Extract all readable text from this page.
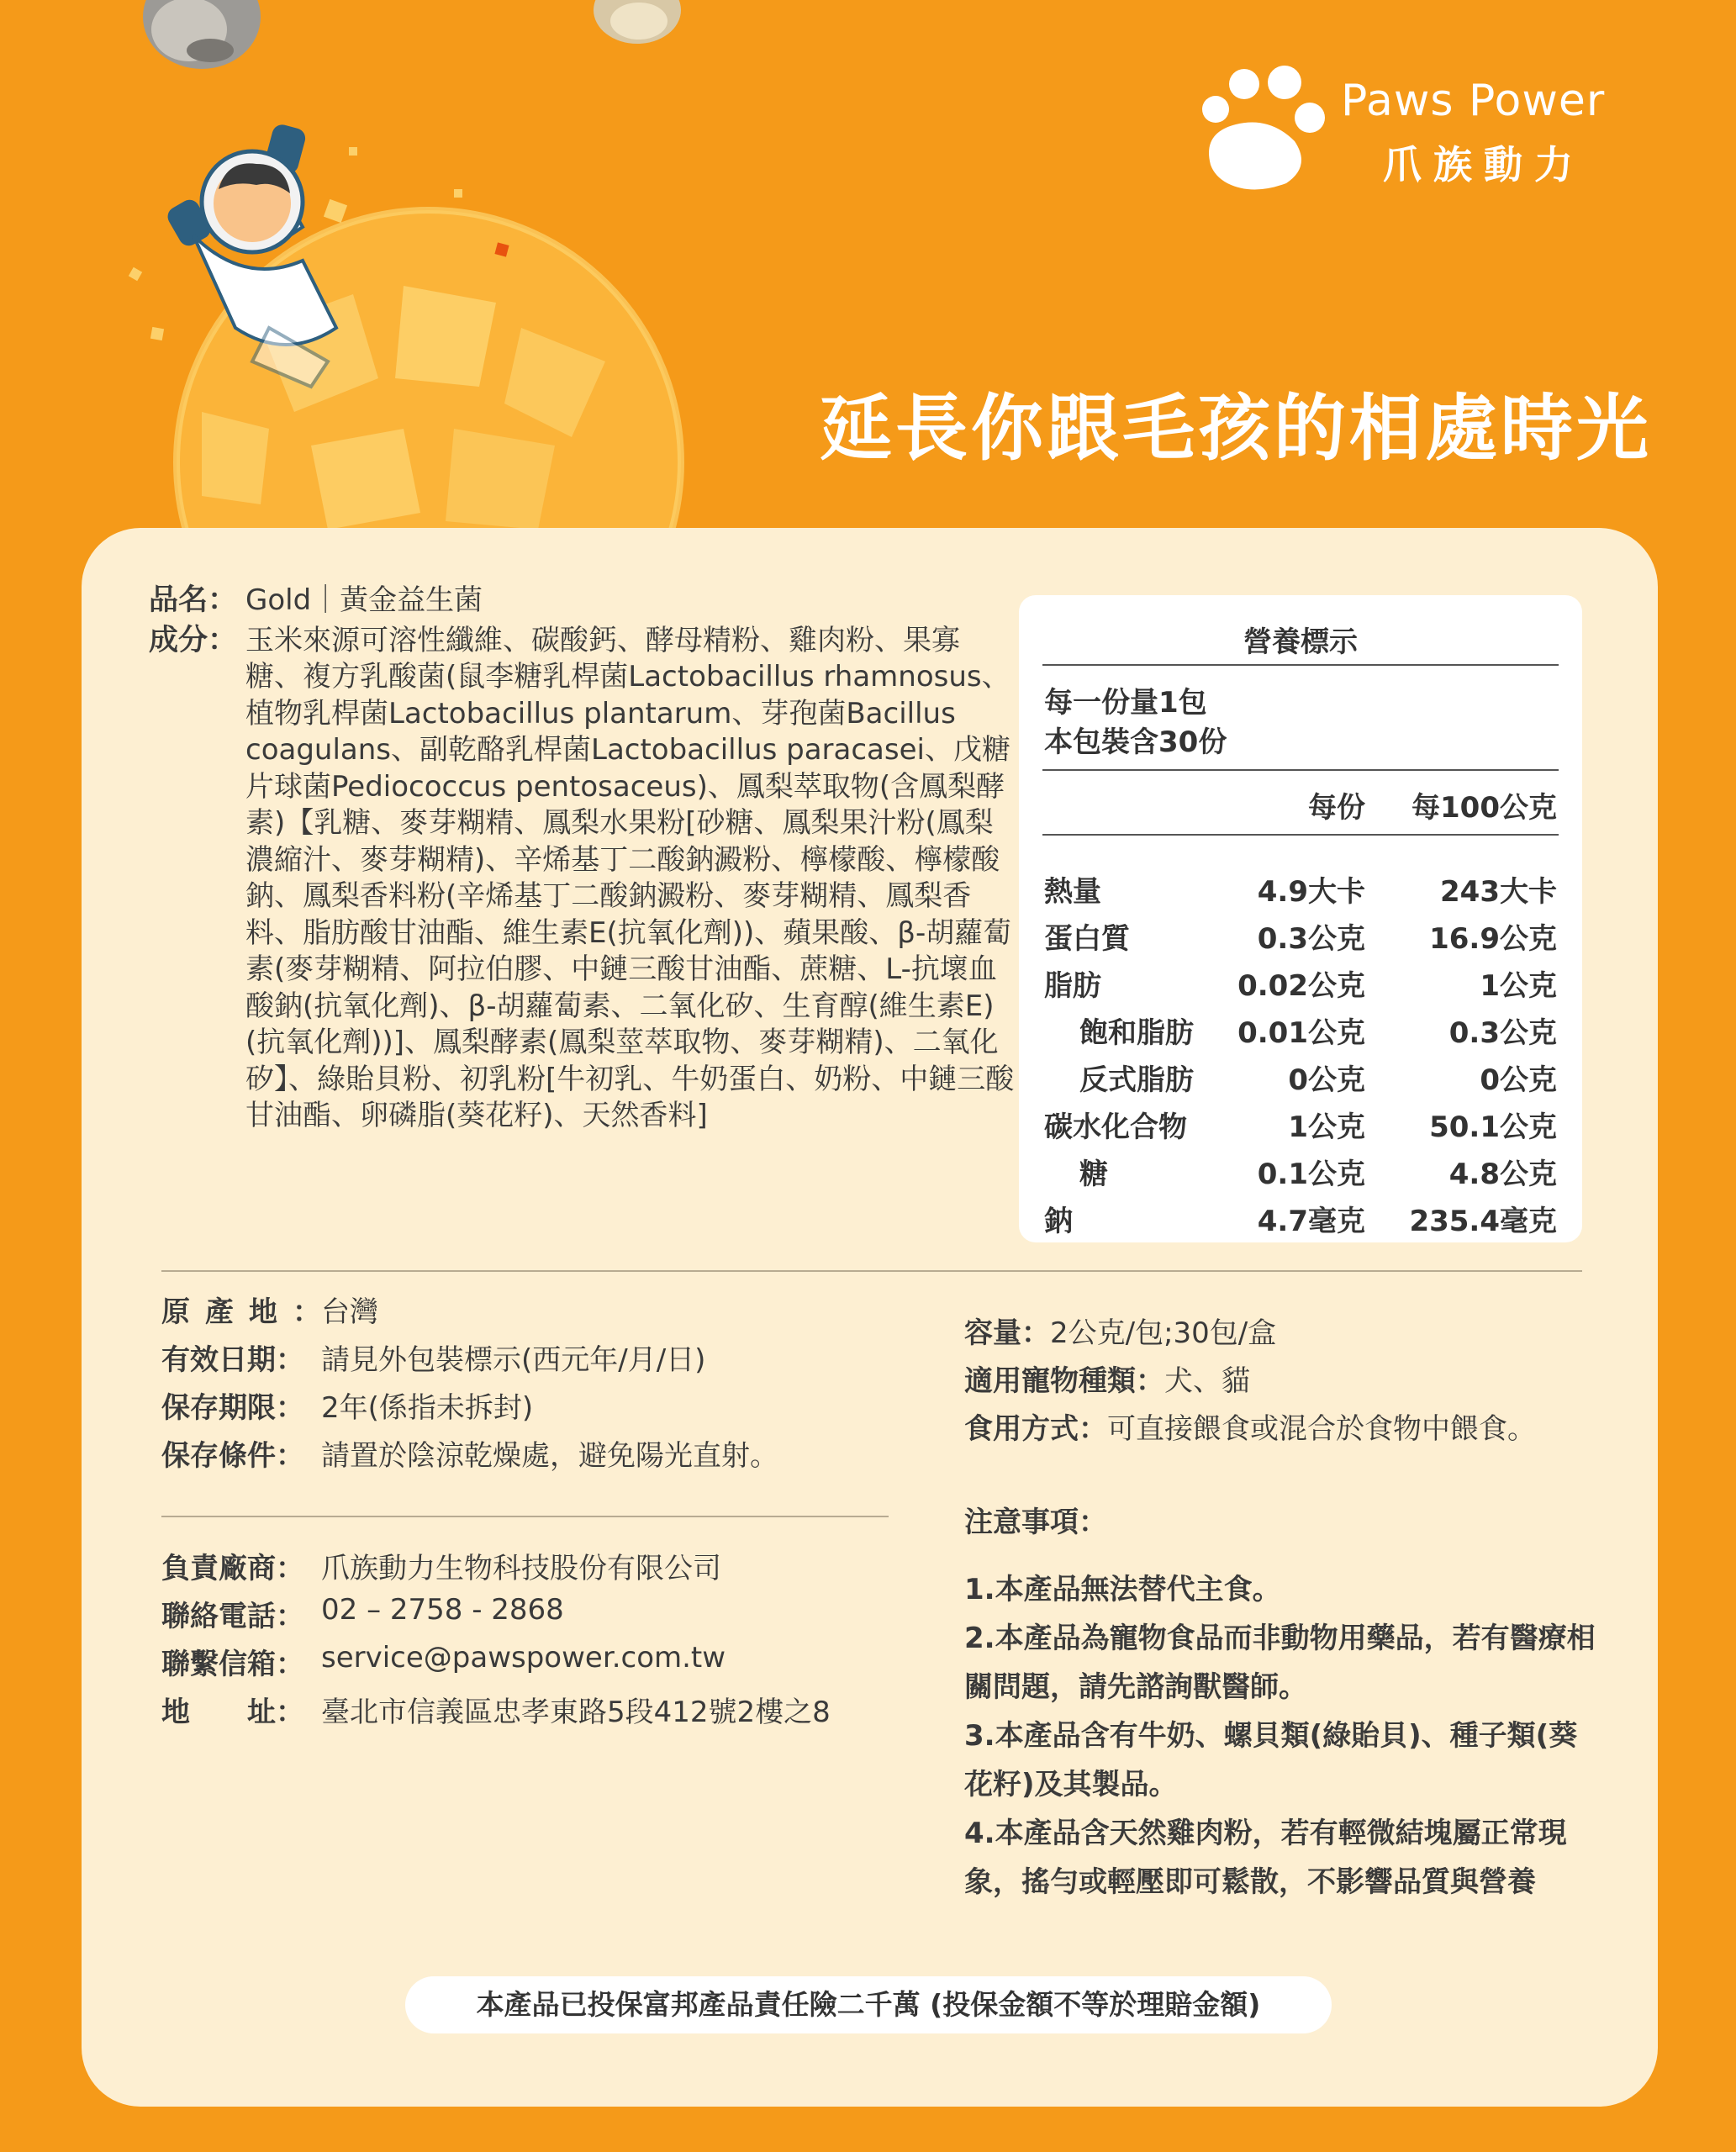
Paws Power
爪族動力
延長你跟毛孩的相處時光
品名： Gold｜黃金益生菌
成分： 玉米來源可溶性纖維、碳酸鈣、酵母精粉、雞肉粉、果寡糖、複方乳酸菌(鼠李糖乳桿菌Lactobacillus rhamnosus、植物乳桿菌Lactobacillus plantarum、芽孢菌Bacillus coagulans、副乾酪乳桿菌Lactobacillus paracasei、戊糖片球菌Pediococcus pentosaceus)、鳳梨萃取物(含鳳梨酵素)【乳糖、麥芽糊精、鳳梨水果粉[砂糖、鳳梨果汁粉(鳳梨濃縮汁、麥芽糊精)、辛烯基丁二酸鈉澱粉、檸檬酸、檸檬酸鈉、鳳梨香料粉(辛烯基丁二酸鈉澱粉、麥芽糊精、鳳梨香料、脂肪酸甘油酯、維生素E(抗氧化劑))、蘋果酸、β-胡蘿蔔素(麥芽糊精、阿拉伯膠、中鏈三酸甘油酯、蔗糖、L-抗壞血酸鈉(抗氧化劑)、β-胡蘿蔔素、二氧化矽、生育醇(維生素E)(抗氧化劑))]、鳳梨酵素(鳳梨莖萃取物、麥芽糊精)、二氧化矽】、綠貽貝粉、初乳粉[牛初乳、牛奶蛋白、奶粉、中鏈三酸甘油酯、卵磷脂(葵花籽)、天然香料]
營養標示
每一份量1包
本包裝含30份
每份 每100公克
熱量	4.9大卡	243大卡
蛋白質	0.3公克 16.9公克
脂肪	0.02公克	1公克
飽和脂肪 0.01公克	0.3公克
反式脂肪	0公克	0公克
碳水化合物	1公克 50.1公克
糖	0.1公克	4.8公克
鈉	4.7毫克 235.4毫克
原產地：
台灣
有效日期： 請見外包裝標示(西元年/月/日)
保存期限： 2年(係指未拆封)
保存條件： 請置於陰涼乾燥處，避免陽光直射。
負責廠商： 爪族動力生物科技股份有限公司
聯絡電話： 02 – 2758 - 2868
聯繫信箱： service@pawspower.com.tw
地　　址： 臺北市信義區忠孝東路5段412號2樓之8
容量： 2公克/包;30包/盒
適用寵物種類： 犬、貓
食用方式： 可直接餵食或混合於食物中餵食。
注意事項：
1.本產品無法替代主食。
2.本產品為寵物食品而非動物用藥品，若有醫療相關問題，請先諮詢獸醫師。
3.本產品含有牛奶、螺貝類(綠貽貝)、種子類(葵花籽)及其製品。
4.本產品含天然雞肉粉，若有輕微結塊屬正常現象，搖勻或輕壓即可鬆散，不影響品質與營養
本產品已投保富邦產品責任險二千萬 (投保金額不等於理賠金額)
